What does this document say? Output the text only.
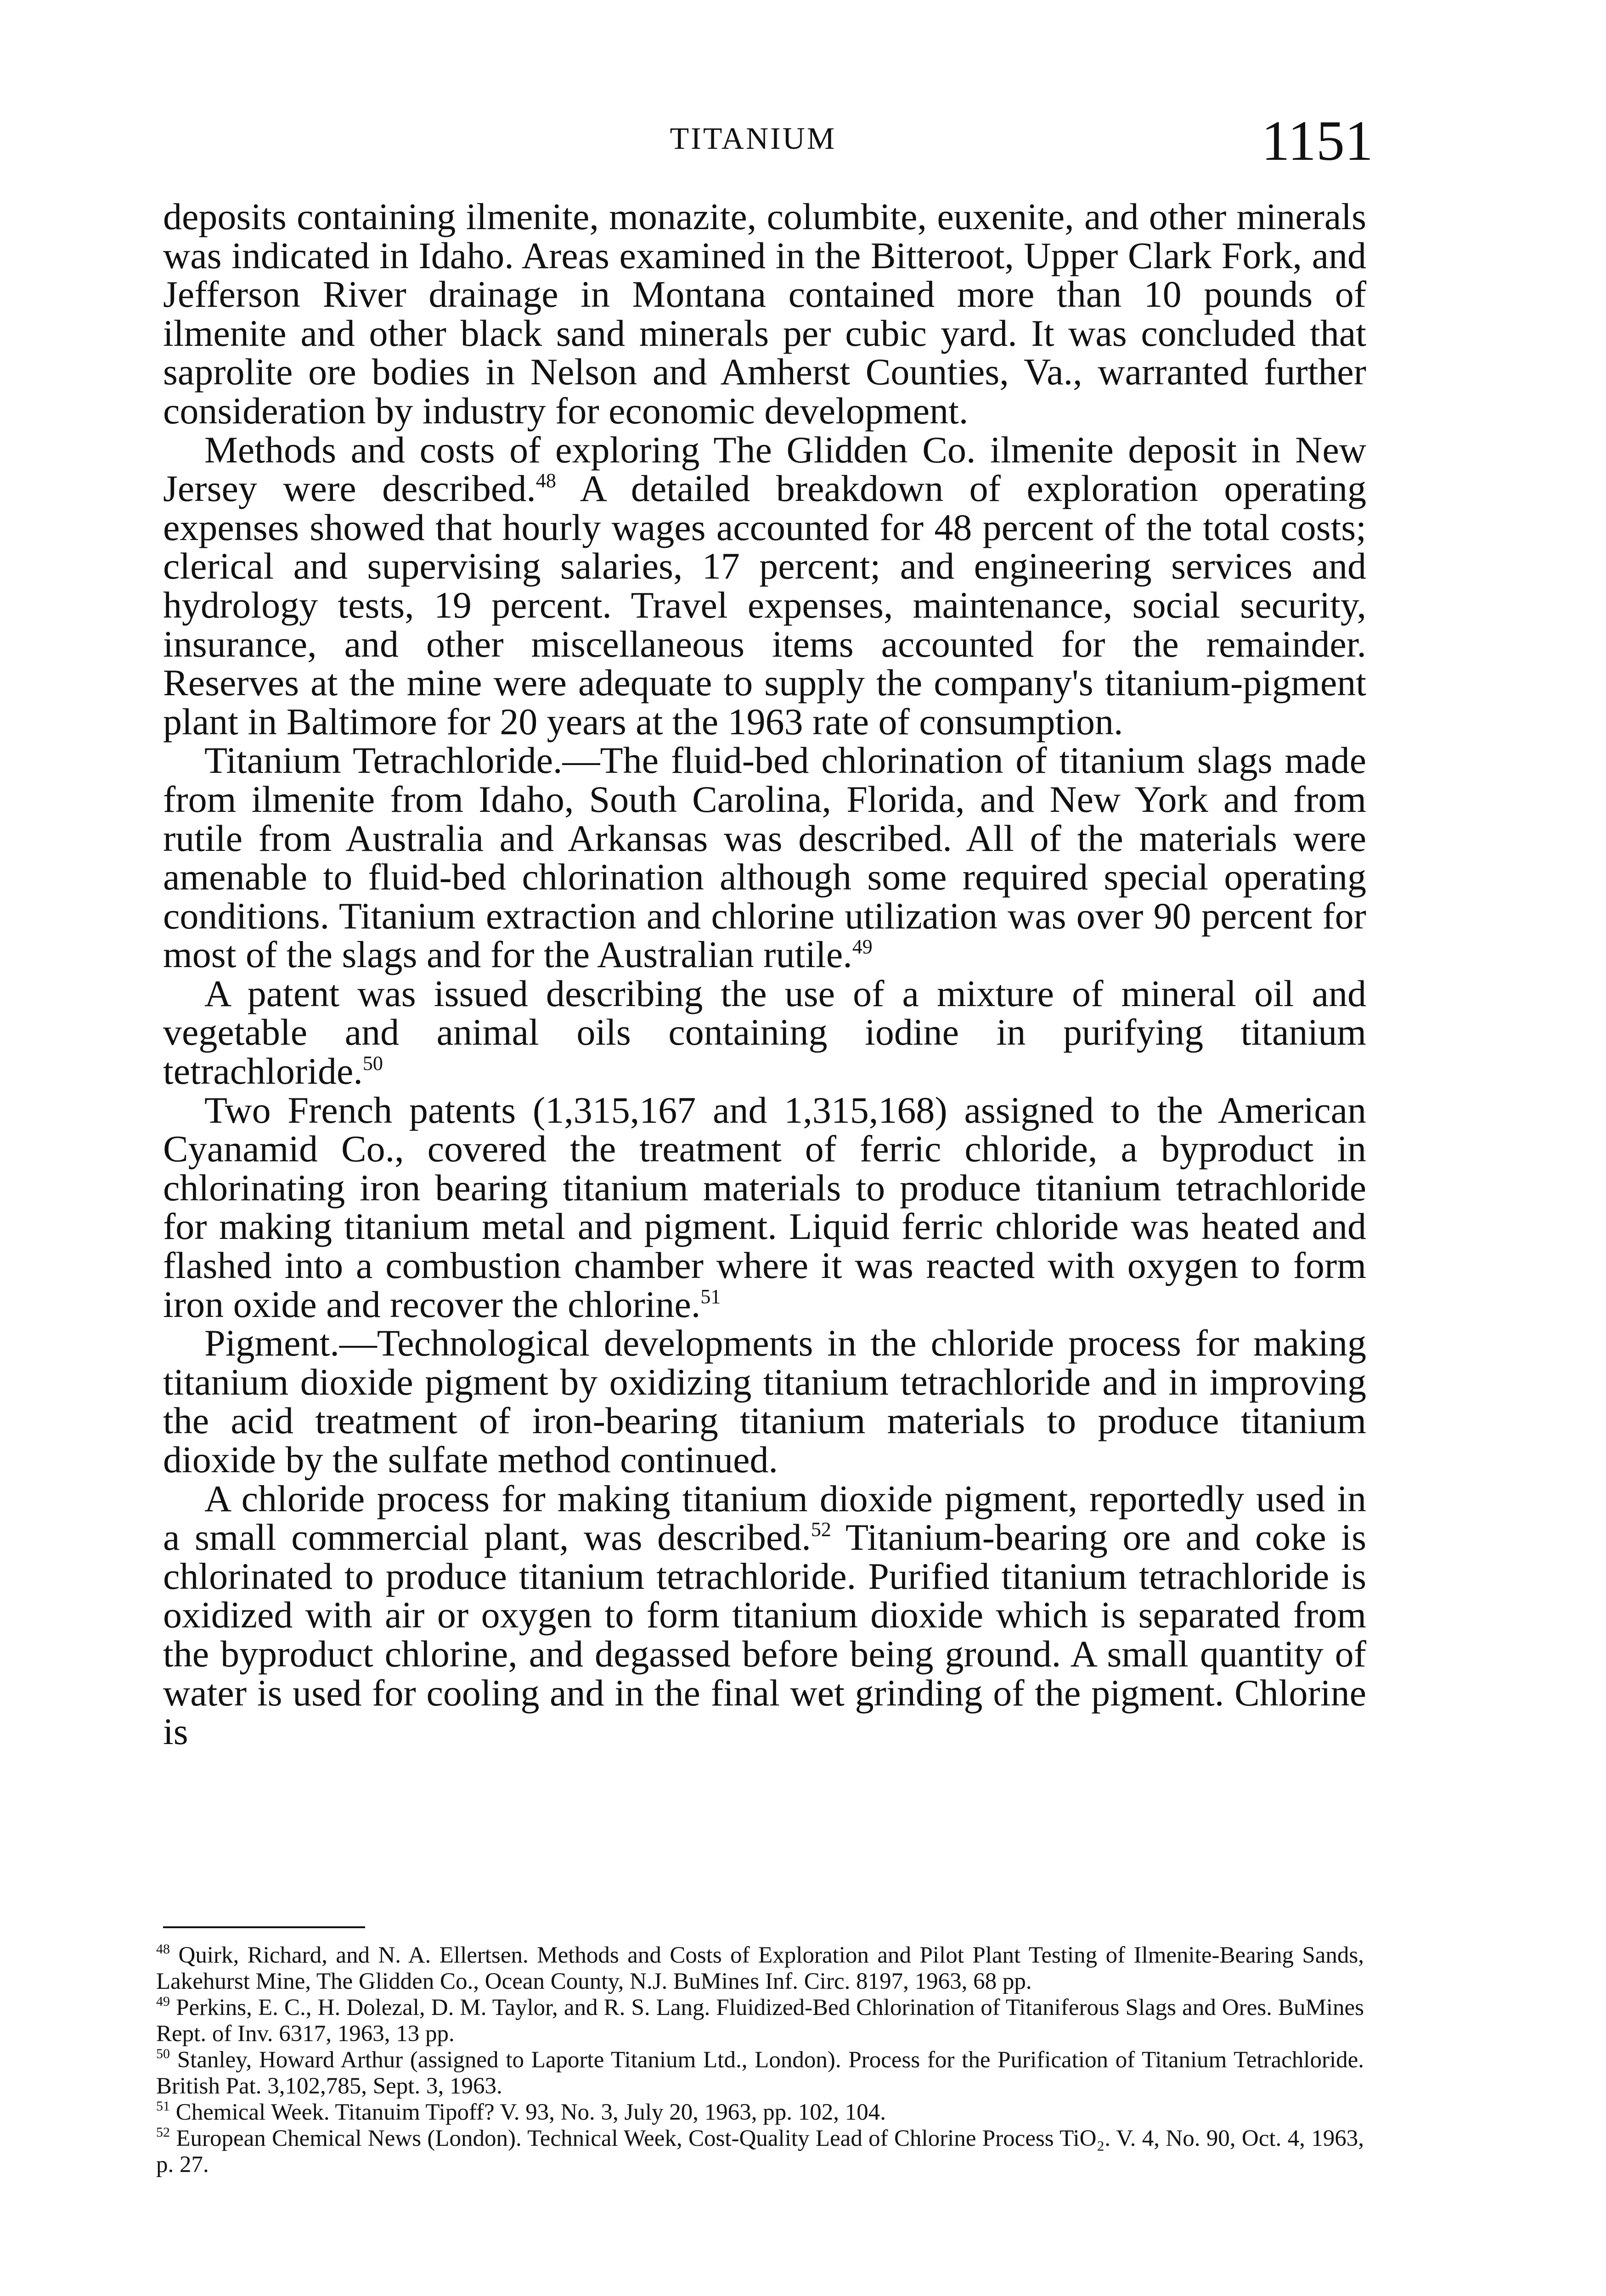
TITANIUM	1151

deposits containing ilmenite, monazite, columbite, euxenite, and other minerals was indicated in Idaho. Areas examined in the Bitteroot, Upper Clark Fork, and Jefferson River drainage in Montana contained more than 10 pounds of ilmenite and other black sand minerals per cubic yard. It was concluded that saprolite ore bodies in Nelson and Amherst Counties, Va., warranted further consideration by industry for economic development.

Methods and costs of exploring The Glidden Co. ilmenite deposit in New Jersey were described.$^{48}$ A detailed breakdown of exploration operating expenses showed that hourly wages accounted for 48 percent of the total costs; clerical and supervising salaries, 17 percent; and engineering services and hydrology tests, 19 percent. Travel expenses, maintenance, social security, insurance, and other miscellaneous items accounted for the remainder. Reserves at the mine were adequate to supply the company's titanium-pigment plant in Baltimore for 20 years at the 1963 rate of consumption.

Titanium Tetrachloride.—The fluid-bed chlorination of titanium slags made from ilmenite from Idaho, South Carolina, Florida, and New York and from rutile from Australia and Arkansas was described. All of the materials were amenable to fluid-bed chlorination although some required special operating conditions. Titanium extraction and chlorine utilization was over 90 percent for most of the slags and for the Australian rutile.$^{49}$

A patent was issued describing the use of a mixture of mineral oil and vegetable and animal oils containing iodine in purifying titanium tetrachloride.$^{50}$

Two French patents (1,315,167 and 1,315,168) assigned to the American Cyanamid Co., covered the treatment of ferric chloride, a byproduct in chlorinating iron bearing titanium materials to produce titanium tetrachloride for making titanium metal and pigment. Liquid ferric chloride was heated and flashed into a combustion chamber where it was reacted with oxygen to form iron oxide and recover the chlorine.$^{51}$

Pigment.—Technological developments in the chloride process for making titanium dioxide pigment by oxidizing titanium tetrachloride and in improving the acid treatment of iron-bearing titanium materials to produce titanium dioxide by the sulfate method continued.

A chloride process for making titanium dioxide pigment, reportedly used in a small commercial plant, was described.$^{52}$ Titanium-bearing ore and coke is chlorinated to produce titanium tetrachloride. Purified titanium tetrachloride is oxidized with air or oxygen to form titanium dioxide which is separated from the byproduct chlorine, and degassed before being ground. A small quantity of water is used for cooling and in the final wet grinding of the pigment. Chlorine is

$^{48}$ Quirk, Richard, and N. A. Ellertsen. Methods and Costs of Exploration and Pilot Plant Testing of Ilmenite-Bearing Sands, Lakehurst Mine, The Glidden Co., Ocean County, N.J. BuMines Inf. Circ. 8197, 1963, 68 pp.

$^{49}$ Perkins, E. C., H. Dolezal, D. M. Taylor, and R. S. Lang. Fluidized-Bed Chlorination of Titaniferous Slags and Ores. BuMines Rept. of Inv. 6317, 1963, 13 pp.

$^{50}$ Stanley, Howard Arthur (assigned to Laporte Titanium Ltd., London). Process for the Purification of Titanium Tetrachloride. British Pat. 3,102,785, Sept. 3, 1963.

$^{51}$ Chemical Week. Titanuim Tipoff? V. 93, No. 3, July 20, 1963, pp. 102, 104.

$^{52}$ European Chemical News (London). Technical Week, Cost-Quality Lead of Chlorine Process TiO₂. V. 4, No. 90, Oct. 4, 1963, p. 27.
